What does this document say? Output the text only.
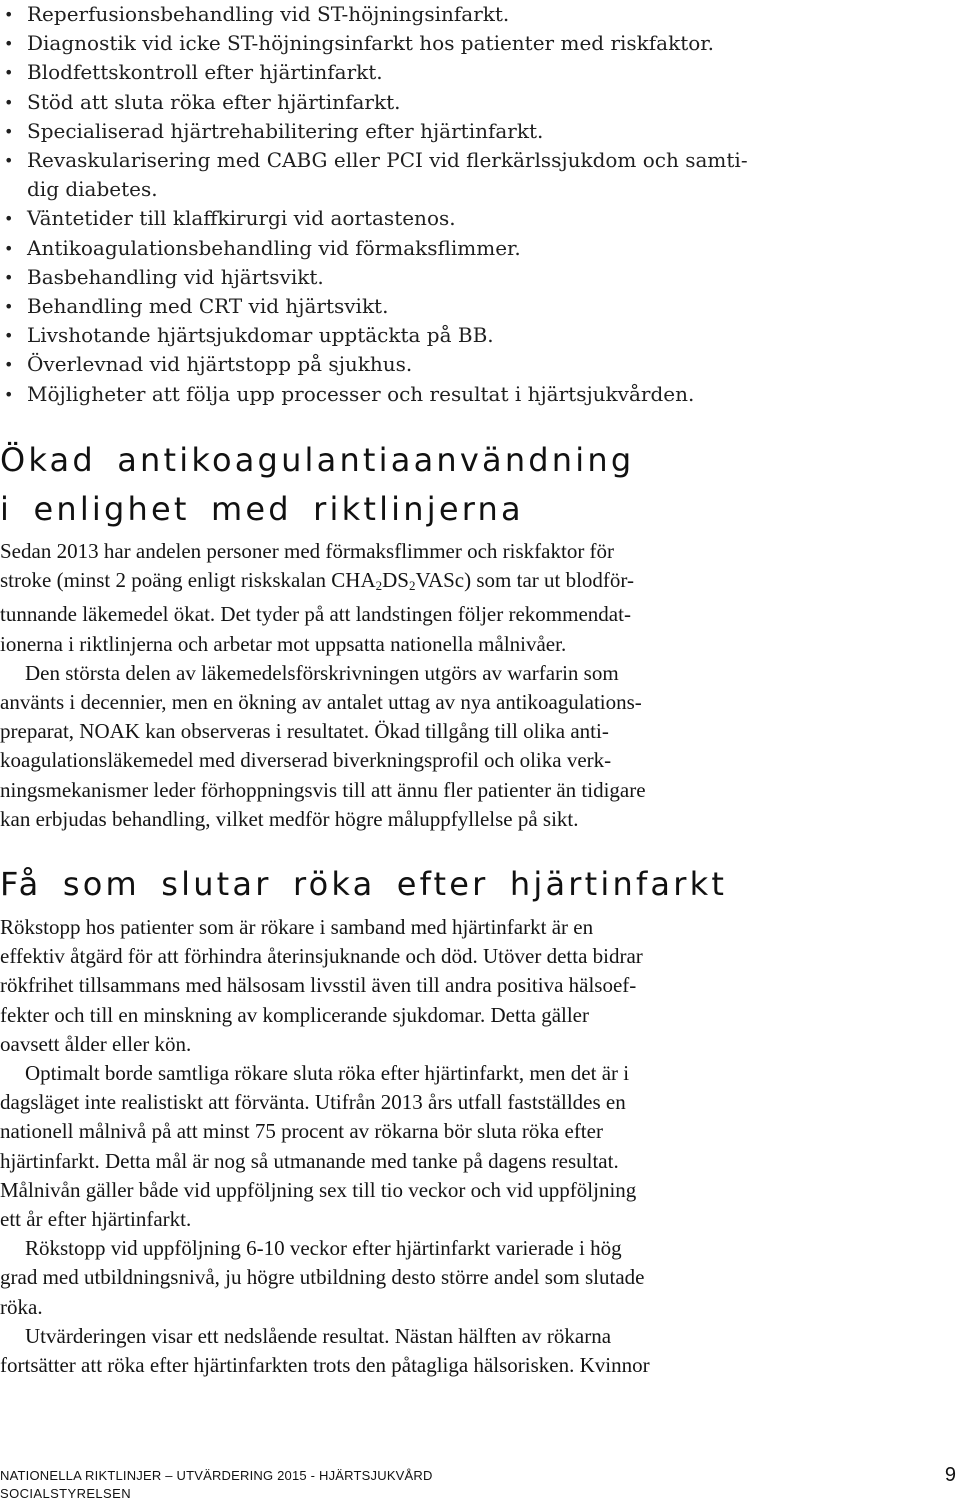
• Reperfusionsbehandling vid ST-höjningsinfarkt.
• Diagnostik vid icke ST-höjningsinfarkt hos patienter med riskfaktor.
• Blodfettskontroll efter hjärtinfarkt.
• Stöd att sluta röka efter hjärtinfarkt.
• Specialiserad hjärtrehabilitering efter hjärtinfarkt.
• Revaskularisering med CABG eller PCI vid flerkärlssjukdom och samti-
dig diabetes.
• Väntetider till klaffkirurgi vid aortastenos.
• Antikoagulationsbehandling vid förmaksflimmer.
• Basbehandling vid hjärtsvikt.
• Behandling med CRT vid hjärtsvikt.
• Livshotande hjärtsjukdomar upptäckta på BB.
• Överlevnad vid hjärtstopp på sjukhus.
• Möjligheter att följa upp processer och resultat i hjärtsjukvården.
Ökad antikoagulantiaanvändning
i enlighet med riktlinjerna

Sedan 2013 har andelen personer med förmaksflimmer och riskfaktor för
stroke (minst 2 poäng enligt riskskalan $CHA_2DS_2VASc$) som tar ut blodför-
tunnande läkemedel ökat. Det tyder på att landstingen följer rekommendat-
ionerna i riktlinjerna och arbetar mot uppsatta nationella målnivåer.

Den största delen av läkemedelsförskrivningen utgörs av warfarin som
använts i decennier, men en ökning av antalet uttag av nya antikoagulations-
preparat, NOAK kan observeras i resultatet. Ökad tillgång till olika anti-
koagulationsläkemedel med diverserad biverkningsprofil och olika verk-
ningsmekanismer leder förhoppningsvis till att ännu fler patienter än tidigare
kan erbjudas behandling, vilket medför högre måluppfyllelse på sikt.

Få som slutar röka efter hjärtinfarkt

Rökstopp hos patienter som är rökare i samband med hjärtinfarkt är en
effektiv åtgärd för att förhindra återinsjuknande och död. Utöver detta bidrar
rökfrihet tillsammans med hälsosam livsstil även till andra positiva hälsoef-
fekter och till en minskning av komplicerande sjukdomar. Detta gäller
oavsett ålder eller kön.

Optimalt borde samtliga rökare sluta röka efter hjärtinfarkt, men det är i
dagsläget inte realistiskt att förvänta. Utifrån 2013 års utfall fastställdes en
nationell målnivå på att minst 75 procent av rökarna bör sluta röka efter
hjärtinfarkt. Detta mål är nog så utmanande med tanke på dagens resultat.
Målnivån gäller både vid uppföljning sex till tio veckor och vid uppföljning
ett år efter hjärtinfarkt.

Rökstopp vid uppföljning 6-10 veckor efter hjärtinfarkt varierade i hög
grad med utbildningsnivå, ju högre utbildning desto större andel som slutade
röka.

Utvärderingen visar ett nedslående resultat. Nästan hälften av rökarna
fortsätter att röka efter hjärtinfarkten trots den påtagliga hälsorisken. Kvinnor

NATIONELLA RIKTLINJER – UTVÄRDERING 2015 - HJÄRTSJUKVÅRD
SOCIALSTYRELSEN
9
